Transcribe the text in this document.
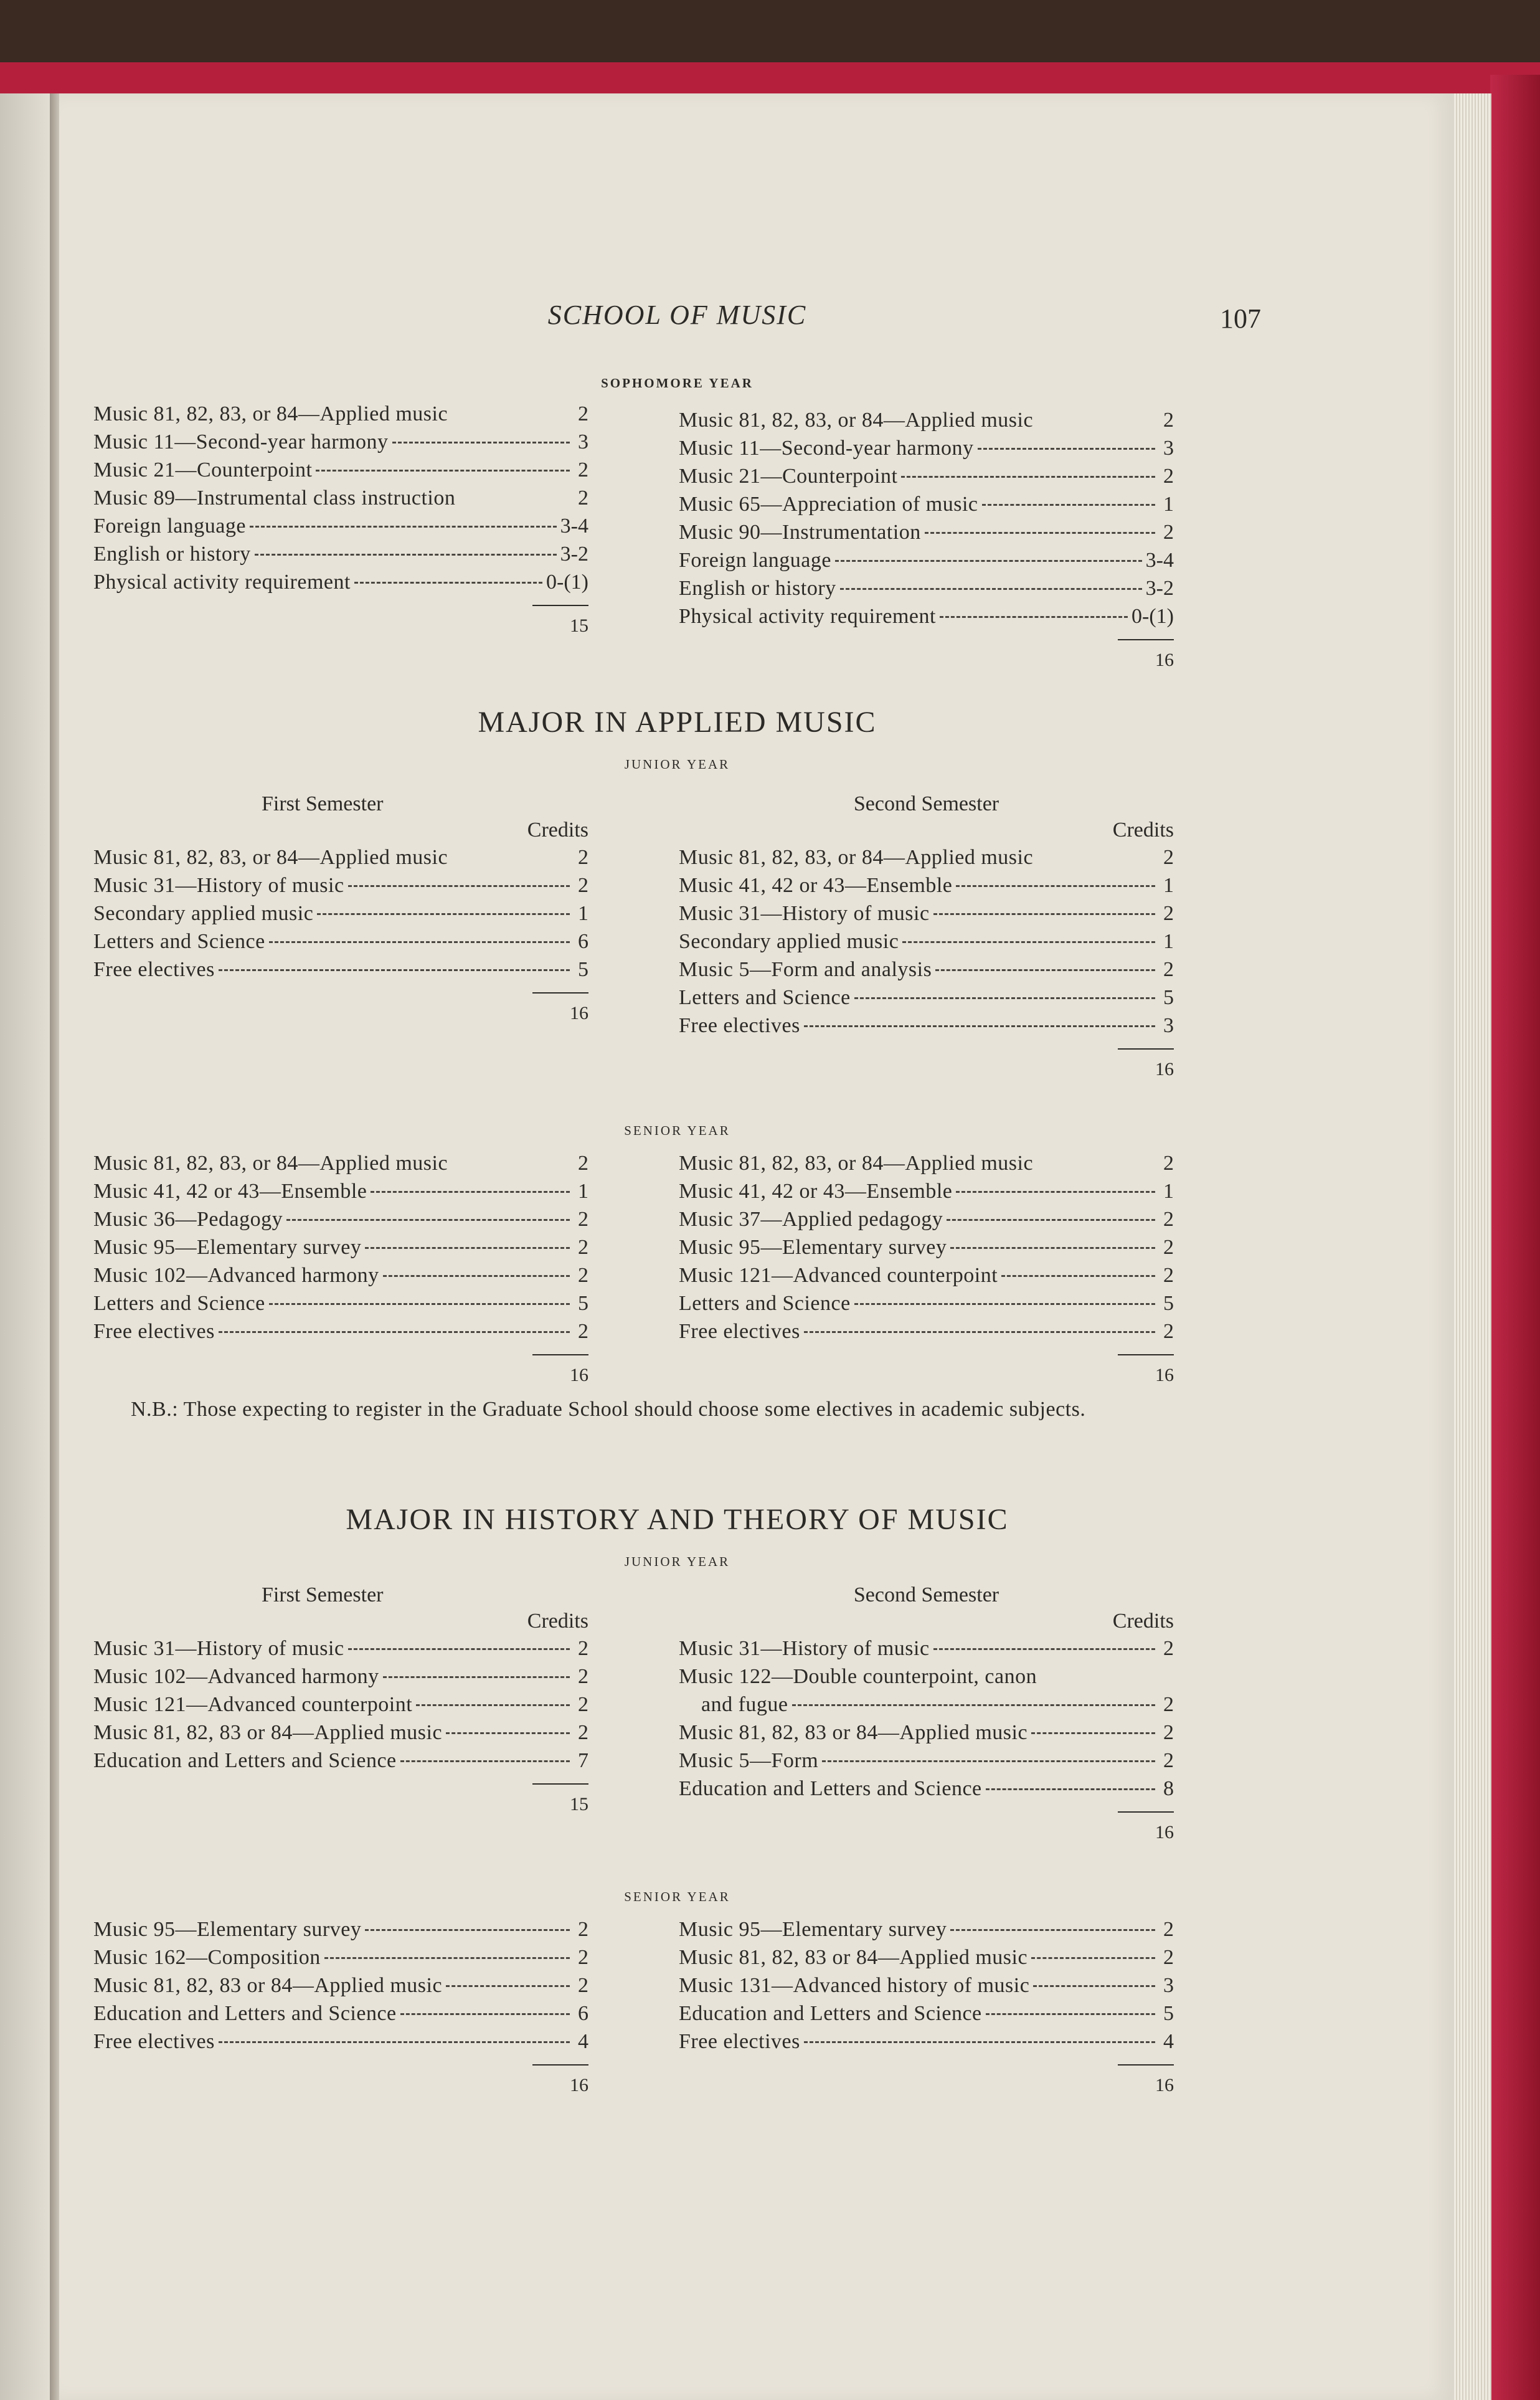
SCHOOL OF MUSIC	107
SOPHOMORE YEAR
Music 81, 82, 83, or 84—Applied music	2
Music 11—Second-year harmony	3
Music 21—Counterpoint	2
Music 89—Instrumental class instruction	2
Foreign language	3-4
English or history	3-2
Physical activity requirement	0-(1)
15
Music 81, 82, 83, or 84—Applied music	2
Music 11—Second-year harmony	3
Music 21—Counterpoint	2
Music 65—Appreciation of music	1
Music 90—Instrumentation	2
Foreign language	3-4
English or history	3-2
Physical activity requirement	0-(1)
16
MAJOR IN APPLIED MUSIC
JUNIOR YEAR
First Semester
Credits
Music 81, 82, 83, or 84—Applied music	2
Music 31—History of music	2
Secondary applied music	1
Letters and Science	6
Free electives	5
16
Second Semester
Credits
Music 81, 82, 83, or 84—Applied music	2
Music 41, 42 or 43—Ensemble	1
Music 31—History of music	2
Secondary applied music	1
Music 5—Form and analysis	2
Letters and Science	5
Free electives	3
16
SENIOR YEAR
Music 81, 82, 83, or 84—Applied music	2
Music 41, 42 or 43—Ensemble	1
Music 36—Pedagogy	2
Music 95—Elementary survey	2
Music 102—Advanced harmony	2
Letters and Science	5
Free electives	2
16
Music 81, 82, 83, or 84—Applied music	2
Music 41, 42 or 43—Ensemble	1
Music 37—Applied pedagogy	2
Music 95—Elementary survey	2
Music 121—Advanced counterpoint	2
Letters and Science	5
Free electives	2
16
N.B.: Those expecting to register in the Graduate School should choose some electives in academic subjects.
MAJOR IN HISTORY AND THEORY OF MUSIC
JUNIOR YEAR
First Semester
Credits
Music 31—History of music	2
Music 102—Advanced harmony	2
Music 121—Advanced counterpoint	2
Music 81, 82, 83 or 84—Applied music	2
Education and Letters and Science	7
15
Second Semester
Credits
Music 31—History of music	2
Music 122—Double counterpoint, canon
and fugue	2
Music 81, 82, 83 or 84—Applied music	2
Music 5—Form	2
Education and Letters and Science	8
16
SENIOR YEAR
Music 95—Elementary survey	2
Music 162—Composition	2
Music 81, 82, 83 or 84—Applied music	2
Education and Letters and Science	6
Free electives	4
16
Music 95—Elementary survey	2
Music 81, 82, 83 or 84—Applied music	2
Music 131—Advanced history of music	3
Education and Letters and Science	5
Free electives	4
16
